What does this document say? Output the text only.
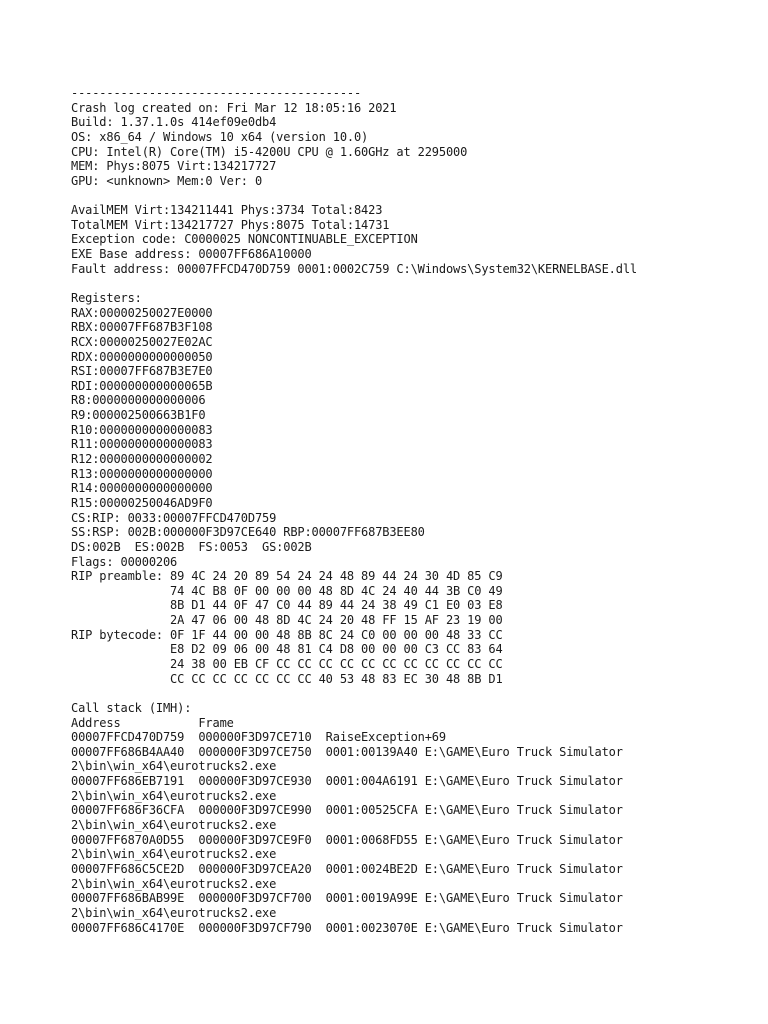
-----------------------------------------
Crash log created on: Fri Mar 12 18:05:16 2021
Build: 1.37.1.0s 414ef09e0db4
OS: x86_64 / Windows 10 x64 (version 10.0)
CPU: Intel(R) Core(TM) i5-4200U CPU @ 1.60GHz at 2295000
MEM: Phys:8075 Virt:134217727
GPU: <unknown> Mem:0 Ver: 0

AvailMEM Virt:134211441 Phys:3734 Total:8423
TotalMEM Virt:134217727 Phys:8075 Total:14731
Exception code: C0000025 NONCONTINUABLE_EXCEPTION
EXE Base address: 00007FF686A10000
Fault address: 00007FFCD470D759 0001:0002C759 C:\Windows\System32\KERNELBASE.dll

Registers:
RAX:00000250027E0000
RBX:00007FF687B3F108
RCX:00000250027E02AC
RDX:0000000000000050
RSI:00007FF687B3E7E0
RDI:000000000000065B
R8:0000000000000006
R9:000002500663B1F0
R10:0000000000000083
R11:0000000000000083
R12:0000000000000002
R13:0000000000000000
R14:0000000000000000
R15:00000250046AD9F0
CS:RIP: 0033:00007FFCD470D759
SS:RSP: 002B:000000F3D97CE640 RBP:00007FF687B3EE80
DS:002B  ES:002B  FS:0053  GS:002B
Flags: 00000206
RIP preamble: 89 4C 24 20 89 54 24 24 48 89 44 24 30 4D 85 C9
74 4C B8 0F 00 00 00 48 8D 4C 24 40 44 3B C0 49
8B D1 44 0F 47 C0 44 89 44 24 38 49 C1 E0 03 E8
2A 47 06 00 48 8D 4C 24 20 48 FF 15 AF 23 19 00
RIP bytecode: 0F 1F 44 00 00 48 8B 8C 24 C0 00 00 00 48 33 CC
E8 D2 09 06 00 48 81 C4 D8 00 00 00 C3 CC 83 64
24 38 00 EB CF CC CC CC CC CC CC CC CC CC CC CC
CC CC CC CC CC CC CC 40 53 48 83 EC 30 48 8B D1

Call stack (IMH):
Address           Frame
00007FFCD470D759  000000F3D97CE710  RaiseException+69
00007FF686B4AA40  000000F3D97CE750  0001:00139A40 E:\GAME\Euro Truck Simulator
2\bin\win_x64\eurotrucks2.exe
00007FF686EB7191  000000F3D97CE930  0001:004A6191 E:\GAME\Euro Truck Simulator
2\bin\win_x64\eurotrucks2.exe
00007FF686F36CFA  000000F3D97CE990  0001:00525CFA E:\GAME\Euro Truck Simulator
2\bin\win_x64\eurotrucks2.exe
00007FF6870A0D55  000000F3D97CE9F0  0001:0068FD55 E:\GAME\Euro Truck Simulator
2\bin\win_x64\eurotrucks2.exe
00007FF686C5CE2D  000000F3D97CEA20  0001:0024BE2D E:\GAME\Euro Truck Simulator
2\bin\win_x64\eurotrucks2.exe
00007FF686BAB99E  000000F3D97CF700  0001:0019A99E E:\GAME\Euro Truck Simulator
2\bin\win_x64\eurotrucks2.exe
00007FF686C4170E  000000F3D97CF790  0001:0023070E E:\GAME\Euro Truck Simulator
